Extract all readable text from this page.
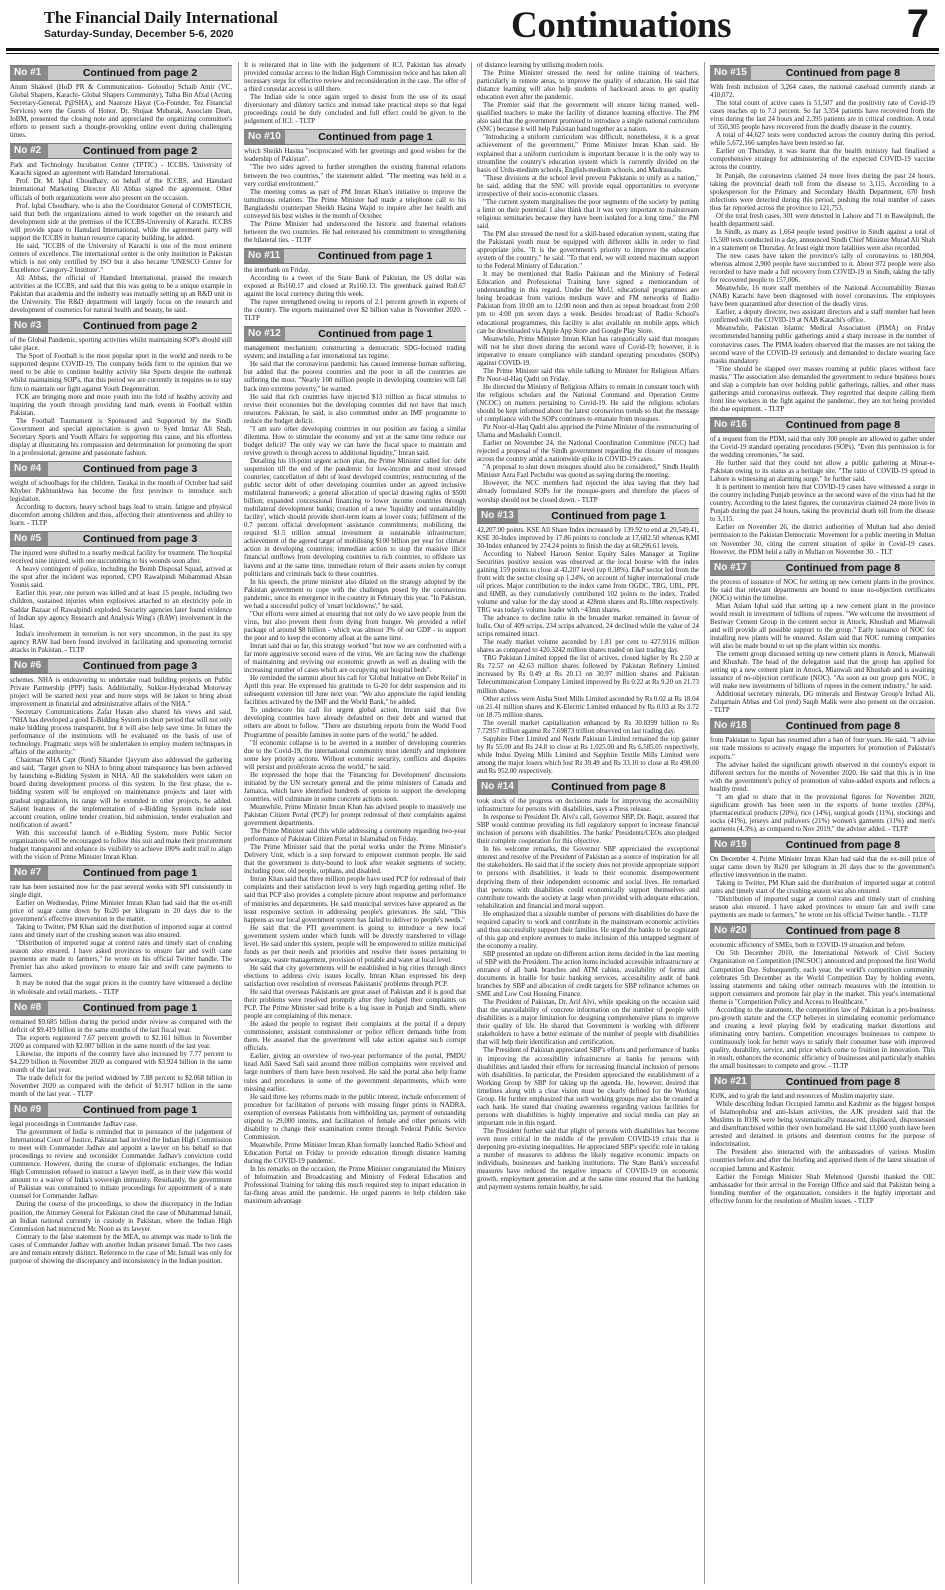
The Financial Daily International
Saturday-Sunday, December 5-6, 2020	Continuations	7
No #1	Continued from page 2

Anum Shakeel (HoD PR & Communication- Goloutlo) Schaib Amir (VC, Global Shapers, Karachi- Global Shapers Community), Talha Bin Afzal (Acting Secretary-General, P@SHA), and Nauroze Hayat (Co-Founder, Tez Financial Services) were the Guests of Honor. Dr. Shujaat Mubarak, Associate Dean, IoBM, presented the closing note and appreciated the organizing committee's efforts to present such a thought-provoking online event during challenging times.

No #2	Continued from page 2

Park and Technology Incubation Center (TPTIC) - ICCBS, University of Karachi signed an agreement with Hamdard International.

Prof. Dr. M. Iqbal Choudhary, on behalf of the ICCBS, and Hamdard International Marketing Director Ali Abbas signed the agreement. Other officials of both organizations were also present on the occasion.

Prof. Iqbal Choudhary, who is also the Coordinator General of COMSTECH, said that both the organizations aimed to work together on the research and development side at the premises of the ICCBS-University of Karachi. ICCBS will provide space to Hamdard International, while the agreement party will support the ICCBS in human resource capacity building, he added.

He said, "ICCBS of the University of Karachi is one of the most eminent centers of excellence. The international center is the only institution in Pakistan which is not only certified by ISO but it also became 'UNESCO Center for Excellence Category-2 Institute'."

Ali Abbas, the official of Hamdard International, praised the research activities at the ICCBS, and said that this was going to be a unique example in Pakistan that academia and the industry was mutually setting up an R&D unit in the University. The R&D department will largely focus on the research and development of cosmetics for natural health and beauty, he said.

No #3	Continued from page 2

of the Global Pandemic, sporting activities whilst maintaining SOP's should still take place.

The Sport of Football is the most popular sport in the world and needs to be supported despite COVID-19. The company holds firm to the opinion that we need to be able to continue healthy activity like Sports despite the outbreak whilst maintaining SOP's, that this period we are currently in requires us to stay firm to maintain our fight against Youth Degeneration.

FCK are bringing more and more youth into the fold of healthy activity and inspiring the youth through providing land mark events in Football within Pakistan.

The Football Tournament is Sponsored and Supported by the Sindh Government and special appreciation is given to Syed Imtiaz Ali Shah, Secretary Sports and Youth Affairs for supporting this cause, and his effortless display at illustrating his compassion and determination for promoting the sport in a professional, genuine and passionate fashion.

No #4	Continued from page 3

weight of schoolbags for the children. Tarakai in the month of October had said Khyber Pakhtunkhwa has become the first province to introduce such legislation.

According to doctors, heavy school bags lead to strain, fatigue and physical discomfort among children and thus, affecting their attentiveness and ability to learn. - TLTP

No #5	Continued from page 3

The injured were shifted to a nearby medical facility for treatment. The hospital received nine injured, with one succumbing to his wounds soon after.

A heavy contingent of police, including the Bomb Disposal Squad, arrived at the spot after the incident was reported, CPO Rawalpindi Muhammad Ahsan Younis said.

Earlier this year, one person was killed and at least 15 people, including two children, sustained injuries when explosives attached to an electricity pole in Saddar Bazaar of Rawalpindi exploded. Security agencies later found evidence of Indian spy agency Research and Analysis Wing's (RAW) involvement in the blast.

India's involvement in terrorism is not very uncommon, in the past its spy agency RAW had been found involved in facilitating and sponsoring terrorist attacks in Pakistan. - TLTP

No #6	Continued from page 3

schemes. NHA is endeavoring to undertake road building projects on Public Private Partnership (PPP) basis. Additionally, Sukkur-Hyderabad Motorway project will be started next year and more steps will be taken to bring about improvement in financial and administrative affairs of the NHA."

Secretary Communications Zafar Hasan also shared his views and said, "NHA has developed a good E-Bidding System in short period that will not only make bidding process transparent, but it will also help save time. In future the performance of the institutions will be evaluated on the basis of use of technology. Pragmatic steps will be undertaken to employ modern techniques in affairs of the authority."

Chairman NHA Capt (Retd) Sikander Qayyum also addressed the gathering and said, "Target given to NHA to bring about transparency has been achieved by launching e-Bidding System in NHA. All the stakeholders were taken on board during development process of this system. In the first phase, the e-bidding system will be employed on maintenance projects and later with gradual upgradation, its range will be extended to other projects, he added. Salient features of the implementation of e-Bidding System include user account creation, online tender creation, bid submission, tender evaluation and notification of award."

With this successful launch of e-Bidding System, more Public Sector organizations will be encouraged to follow this suit and make their procurement budget transparent and enhance its visibility to achieve 100% audit trail to align with the vision of Prime Minister Imran Khan.

No #7	Continued from page 1

rate has been sustained now for the past several weeks with SPI consistently in single digit.

Earlier on Wednesday, Prime Minister Imran Khan had said that the ex-mill price of sugar came down by Rs20 per kilogram in 20 days due to the government's effective intervention in the matter.

Taking to Twitter, PM Khan said the distribution of imported sugar at control rates and timely start of the crushing season was also ensured.

"Distribution of imported sugar at control rates and timely start of crushing season also ensured. I have asked provinces to ensure fair and swift cane payments are made to farmers," he wrote on his official Twitter handle. The Premier has also asked provinces to ensure fair and swift cane payments to farmers.

It may be noted that the sugar prices in the country have witnessed a decline in wholesale and retail markets. - TLTP

No #8	Continued from page 1

remained $9.685 billion during the period under review as compared with the deficit of $9.419 billion in the same months of the last fiscal year.

The exports registered 7.67 percent growth to $2.161 billion in November 2020 as compared with $2.007 billion in the same month of the last year.

Likewise, the imports of the country have also increased by 7.77 percent to $4.229 billion in November 2020 as compared with $3.924 billion in the same month of the last year.

The trade deficit for the period widened by 7.88 percent to $2.068 billion in November 2020 as compared with the deficit of $1.917 billion in the same month of the last year. - TLTP

No #9	Continued from page 1

legal proceedings in Commander Jadhav case.

The government of India is reminded that in pursuance of the judgement of International Court of Justice, Pakistan had invited the Indian High Commission to meet with Commander Jadhav and appoint a lawyer on his behalf so that proceedings to review and reconsider Commander Jadhav's conviction could commence. However, during the course of diplomatic exchanges, the Indian High Commission refused to instruct a lawyer itself, as in their view this would amount to a waiver of India's sovereign immunity. Resultantly, the government of Pakistan was constrained to initiate proceedings for appointment of a state counsel for Commander Jadhav.

During the course of the proceedings, to show the discrepancy in the Indian position, the Attorney General for Pakistan cited the case of Muhammad Ismail, an Indian national currently in custody in Pakistan, where the Indian High Commission had instructed Mr. Noon as its lawyer.

Contrary to the false statement by the MEA, no attempt was made to link the cases of Commander Jadhav with another Indian prisoner Ismail. The two cases are and remain entirely distinct. Reference to the case of Mr. Ismail was only for purpose of showing the discrepancy and inconsistency in the Indian position.

It is reiterated that in line with the judgement of ICJ, Pakistan has already provided consular access to the Indian High Commission twice and has taken all necessary steps for effective review and reconsideration in the case. The offer of a third consular access is still there.

The Indian side is once again urged to desist from the use of its usual diversionary and dilatory tactics and instead take practical steps so that legal proceedings could be duly concluded and full effect could be given to the judgement of ICJ. - TLTP

No #10	Continued from page 1

which Sheikh Hasina "reciprocated with her greetings and good wishes for the leadership of Pakistan".

"The two sides agreed to further strengthen the existing fraternal relations between the two countries," the statement added. "The meeting was held in a very cordial environment."

The meeting comes as part of PM Imran Khan's initiative to improve the tumultuous relations. The Prime Minister had made a telephone call to his Bangladeshi counterpart Sheikh Hasina Wajid to inquire after her health and conveyed his best wishes in the month of October.

The Prime Minister had underscored the historic and fraternal relations between the two countries. He had reiterated his commitment to strengthening the bilateral ties. - TLTP

No #11	Continued from page 1

the interbank on Friday.

According to a tweet of the State Bank of Pakistan, the US dollar was exposed at Rs160.17 and closed at Rs160.13. The greenback gained Rs0.67 against the local currency during this week.

The rupee strengthened owing to reports of 2.1 percent growth in exports of the country. The exports maintained over $2 billion value in November 2020. - TLTP

No #12	Continued from page 1

management mechanism; constructing a democratic SDG-focused trading system; and installing a fair international tax regime.

He said that the coronavirus pandemic has caused immense human suffering, but added that the poorest countries and the poor in all the countries are suffering the most. "Nearly 100 million people in developing countries will fall back into extreme poverty," he warned.

He said that rich countries have injected $13 trillion as fiscal stimulus to revive their economies but the developing countries did not have that much resources. Pakistan, he said, is also committed under an IMF programme to reduce the budget deficit.

"I am sure other developing countries in our position are facing a similar dilemma. How to stimulate the economy and yet at the same time reduce our budget deficit? The only way we can have the fiscal space to maintain and revive growth is through access to additional liquidity," Imran said.

Detailing his 10-point urgent action plan, the Prime Minister called for: debt suspension till the end of the pandemic for low-income and most stressed countries; cancellation of debt of least developed countries; restructuring of the public sector debt of other developing countries under an agreed inclusive multilateral framework; a general allocation of special drawing rights of $500 billion; expanded concessional financing to lower income countries through multilateral development banks; creation of a new 'liquidity and sustainability facility', which should provide short-term loans at lower costs; fulfilment of the 0.7 percent official development assistance commitments; mobilizing the required $1.5 trillion annual investment in sustainable infrastructure; achievement of the agreed target of mobilising $100 billion per year for climate action in developing countries; immediate action to stop the massive illicit financial outflows from developing countries to rich countries, to offshore tax havens and at the same time, immediate return of their assets stolen by corrupt politicians and criminals back to these countries.

In his speech, the prime minister also dilated on the strategy adopted by the Pakistan government to cope with the challenges posed by the coronavirus pandemic, since its emergence in the country in February this year. "In Pakistan, we had a successful policy of 'smart lockdowns'," he said.

"Our efforts were aimed at ensuring that not only do we save people from the virus, but also prevent them from dying from hunger. We provided a relief package of around $8 billion - which was almost 3% of our GDP - to support the poor and to keep the economy afloat at the same time.

Imran said that so far, this strategy worked "but now we are confronted with a far more aggressive second wave of the virus. We are facing now the challenge of maintaining and reviving our economic growth as well as dealing with the increasing number of cases which are occupying our hospital beds".

He reminded the summit about his call for 'Global Initiative on Debt Relief' in April this year. He expressed his gratitude to G-20 for debt suspension and its subsequent extension till June next year. "We also appreciate the rapid lending facilities activated by the IMF and the World Bank," he added.

To underscore his call for urgent global action, Imran said that five developing countries have already defaulted on their debt and warned that others are about to follow. "There are disturbing reports from the World Food Programme of possible famines in some parts of the world," he added.

"If economic collapse is to be averted in a number of developing countries due to the Covid-19, the international community must identify and implement some key priority actions. Without economic security, conflicts and disputes will persist and proliferate across the world," he said.

He expressed the hope that the 'Financing for Development' discussions initiated by the UN secretary general and the prime ministers of Canada and Jamaica, which have identified hundreds of options to support the developing countries, will culminate in some concrete actions soon.

Meanwhile, Prime Minister Imran Khan has advised people to massively use Pakistan Citizen Portal (PCP) for prompt redressal of their complaints against government departments.

The Prime Minister said this while addressing a ceremony regarding two-year performance of Pakistan Citizen Portal in Islamabad on Friday.

The Prime Minister said that the portal works under the Prime Minister's Delivery Unit, which is a step forward to empower common people. He said that the government is duty-bound to look after weaker segments of society, including poor, old people, orphans, and disabled.

Imran Khan said that three million people have used PCP for redressal of their complaints and their satisfaction level is very high regarding getting relief. He said that PCP also provides a complete picture about response and performance of ministries and departments. He said municipal services have appeared as the least responsive section in addressing people's grievances. He said, "This happens as our local government system has failed to deliver to people's needs."

He said that the PTI government is going to introduce a new local government system under which funds will be directly transferred to village level. He said under this system, people will be empowered to utilize municipal funds as per their needs and priorities and resolve their issues pertaining to sewerage, waste management, provision of potable and water at local level.

He said that city governments will be established in big cities through direct elections to address civic issues locally. Imran Khan expressed his deep satisfaction over resolution of overseas Pakistanis' problems through PCP.

He said that overseas Pakistanis are great asset of Pakistan and it is good that their problems were resolved promptly after they lodged their complaints on PCP. The Prime Minister said bribe is a big issue in Punjab and Sindh, where people are complaining of this menace.

He asked the people to register their complaints at the portal if a deputy commissioner, assistant commissioner or police officer demands bribe from them. He assured that the government will take action against such corrupt officials.

Earlier, giving an overview of two-year performance of the portal, PMDU head Adil Saeed Safi said around three million complaints were received and large numbers of them have been resolved. He said the portal also help frame rules and procedures in some of the government departments, which were missing earlier.

He said three key reforms made in the public interest, include enforcement of procedure for facilitation of persons with missing finger prints in NADRA, exemption of overseas Pakistanis from withholding tax, payment of outstanding stipend to 29,000 interns, and facilitation of female and other persons with disability to change their examination centre through Federal Public Service Commission.

Meanwhile, Prime Minister Imran Khan formally launched Radio School and Education Portal on Friday to provide education through distance learning during the COVID-19 pandemic.

In his remarks on the occasion, the Prime Minister congratulated the Ministry of Information and Broadcasting and Ministry of Federal Education and Professional Training for taking this much required step to impart education in far-flung areas amid the pandemic. He urged parents to help children take maximum advantage

of distance learning by utilising modern tools.

The Prime Minister stressed the need for online training of teachers, particularly in remote areas, to improve the quality of education. He said that distance learning will also help students of backward areas to get quality education even after the pandemic.

The Premier said that the government will ensure hiring trained, well-qualified teachers to make the facility of distance learning effective. The PM also said that the government promised to introduce a single national curriculum (SNC) because it will help Pakistan band together as a nation.

"Introducing a uniform curriculum was difficult, nonetheless, it is a great achievement of the government," Prime Minister Imran Khan said. He explained that a uniform curriculum is important because it is the only way to streamline the country's education system which is currently divided on the basis of Urdu-medium schools, English-medium schools, and Madrassahs.

"These divisions at the school level prevent Pakistanis to unify as a nation," he said, adding that the SNC will provide equal opportunities to everyone irrespective of their socio-economic classes.

"The current system marginalises the poor segments of the society by putting a limit on their potential. I also think that it was very important to mainstream religious seminaries because they have been isolated for a long time," the PM said.

The PM also stressed the need for a skill-based education system, stating that the Pakistani youth must be equipped with different skills in order to find appropriate jobs. "It is the government's priority to improve the education system of the country," he said. "To that end, we will extend maximum support to the Federal Ministry of Education."

It may be mentioned that Radio Pakistan and the Ministry of Federal Education and Professional Training have signed a memorandum of understanding in this regard. Under the MoU, educational programmes are being broadcast from various medium wave and FM networks of Radio Pakistan from 10:00 am to 12:00 noon and then as repeat broadcast from 2:00 pm to 4:00 pm seven days a week. Besides broadcast of Radio School's educational programmes, this facility is also available on mobile apps, which can be downloaded via Apple App Store and Google Play Store.

Meanwhile, Prime Minister Imran Khan has categorically said that mosques will not be shut down during the second wave of Covid-19; however, it is imperative to ensure compliance with standard operating procedures (SOPs) against COVID-19.

The Prime Minister said this while talking to Minister for Religious Affairs Pir Noor-ul-Haq Qadri on Friday.

He directed the Ministry of Religious Affairs to remain in constant touch with the religious scholars and the National Command and Operation Centre (NCOC) on matters pertaining to Covid-19. He said the religious scholars should be kept informed about the latest coronavirus trends so that the message of compliance with the SOPs continues to emanate from mosques.

Pir Noor-ul-Haq Qadri also apprised the Prime Minister of the restructuring of Ulama and Mashaikh Council.

Earlier on November 24, the National Coordination Committee (NCC) had rejected a proposal of the Sindh government regarding the closure of mosques across the country amid a nationwide spike in COVID-19 cases.

"A proposal to shut down mosques should also be considered," Sindh Health Minister Azra Fazl Pechuhu was quoted as saying during the meeting.

However, the NCC members had rejected the idea saying that they had already formulated SOPs for the mosque-goers and therefore the places of worship should not be closed down. - TLTP

No #13	Continued from page 1

42,207.00 points. KSE All Share Index increased by 139.92 to end at 29,549.41, KSE 30-Index improved by 17.86 points to conclude at 17,682.50 whereas KMI 30-Index enhanced by 274.24 points to finish the day at 68,296.61 levels.

According to Nabeel Haroon Senior Equity Sales Manager at Topline Securities positive session was observed at the local bourse with the index gaining 159 points to close at 42,207 level (up 0.38%). E&P sector led from the front with the sector closing up 1.24%, on account of higher international crude oil prices. Major contribution to the index came from OGDC, TRG, UBL, PPL and HMB, as they cumulatively contributed 102 points to the index. Traded volume and value for the day stood at 428mn shares and Rs.18bn respectively. TRG was today's volume leader with ~43mn shares.

The advance to decline ratio in the broader market remained in favour of bulls. Out of 409 scrips, 234 scrips advanced, 24 declined while the value of 24 scrips remained intact.

The ready market volume ascended by 1.81 per cent to 427.9116 million shares as compared to 420.3242 million shares traded on last trading day.

TRG Pakistan Limited topped the list of actives, closed higher by Rs 2.50 at Rs 72.57 on 42.63 million shares followed by Pakistan Refinery Limited increased by Rs 0.49 at Rs 20.13 on 30.97 million shares and Pakistan Telecommunication Company Limited improved by Rs 0.22 at Rs 9.20 on 21.73 million shares.

Other actives were Aisha Steel Mills Limited ascended by Rs 0.02 at Rs 18.04 on 21.41 million shares and K-Electric Limited enhanced by Rs 0.03 at Rs 3.72 on 18.75 million shares.

The overall market capitalization enhanced by Rs 30.8399 billion to Rs 7.72957 trillion against Rs 7.69873 trillion observed on last trading day.

Sapphire Fiber Limited and Nestle Pakistan Limited remained the top gainer by Rs 55.00 and Rs 24.8 to close at Rs 1,025.00 and Rs 6,585.05 respectively, while Indus Dyeing Mills Limited and Sapphire Textile Mills Limited were among the major losers which lost Rs 39.49 and Rs 33.10 to close at Rs 498.00 and Rs 952.00 respectively.

No #14	Continued from page 8

took stock of the progress on decisions made for improving the accessibility infrastructure for persons with disabilities, says a Press release.

In response to President Dr. Alvi's call, Governor SBP, Dr. Baqir, assured that SBP would continue providing its full regulatory support to increase financial inclusion of persons with disabilities. The banks' Presidents/CEOs also pledged their complete cooperation for this objective.

In his welcome remarks, the Governor SBP appreciated the exceptional interest and resolve of the President of Pakistan as a source of inspiration for all the stakeholders. He said that if the society does not provide appropriate support to persons with disabilities, it leads to their economic disempowerment depriving them of their independent economic and social lives. He remarked that persons with disabilities could economically support themselves and contribute towards the society at large when provided with adequate education, rehabilitation and financial and moral support.

He emphasized that a sizeable number of persons with disabilities do have the required capacity to work and contribute in the mainstream economic activities and thus successfully support their families. He urged the banks to be cognizant of this gap and explore avenues to make inclusion of this untapped segment of the economy a reality.

SBP presented an update on different action items decided in the last meeting of SBP with the President. The action items included accessible infrastructure at entrance of all bank branches and ATM cabins, availability of forms and documents in braille for basic banking services, accessibility audit of bank branches by SBP and allocation of credit targets for SBP refinance schemes on SME and Low Cost Housing Finance.

The President of Pakistan, Dr. Arif Alvi, while speaking on the occasion said that the unavailability of concrete information on the number of people with disabilities is a major limitation for designing comprehensive plans to improve their quality of life. He shared that Government is working with different stakeholders to have a better estimate of the number of people with disabilities that will help their identification and certification.

The President of Pakistan appreciated SBP's efforts and performance of banks in improving the accessibility infrastructure at banks for persons with disabilities and lauded their efforts for increasing financial inclusion of persons with disabilities. In particular, the President appreciated the establishment of a Working Group by SBP for taking up the agenda. He, however, desired that timelines along with a clear vision must be clearly defined for the Working Group. He further emphasized that such working groups may also be created at each bank. He stated that creating awareness regarding various facilities for persons with disabilities is highly imperative and social media can play an important role in this regard.

The President further said that plight of persons with disabilities has become even more critical in the middle of the prevalent COVID-19 crisis that is deepening pre-existing inequalities. He appreciated SBP's specific role in taking a number of measures to address the likely negative economic impacts on individuals, businesses and banking institutions. The State Bank's successful measures have reduced the negative impacts of COVID-19 on economic growth, employment generation and at the same time ensured that the banking and payment systems remain healthy, he said.

No #15	Continued from page 8

With fresh inclusion of 3,264 cases, the national caseload currently stands at 410,072.

The total count of active cases is 51,507 and the positivity rate of Covid-19 cases reaches up to 7.3 percent. So far 3,354 patients have recovered from the virus during the last 24 hours and 2,395 patients are in critical condition. A total of 350,305 people have recovered from the deadly disease in the country.

A total of 44,627 tests were conducted across the country during this period, while 5,672,166 samples have been tested so far.

Earlier on Thursday, it was learnt that the health ministry had finalised a comprehensive strategy for administering of the expected COVID-19 vaccine across the country.

In Punjab, the coronavirus claimed 24 more lives during the past 24 hours, taking the provincial death toll from the disease to 3,115. According to a spokesperson for the Primary and Secondary Health Department, 670 fresh infections were detected during this period, pushing the total number of cases thus far reported across the province to 121,753.

Of the total fresh cases, 301 were detected in Lahore and 71 in Rawalpindi, the health department said.

In Sindh, as many as 1,664 people tested positive in Sindh against a total of 15,500 tests conducted in a day, announced Sindh Chief Minister Murad Ali Shah in a statement on Thursday. At least eight more fatalities were also recorded.

The new cases have taken the province's tally of coronavirus to 180,904, whereas almost 2,900 people have succumbed to it. About 972 people were also recorded to have made a full recovery from COVID-19 in Sindh, taking the tally for recovered people to 157,006.

Meanwhile, 16 more staff members of the National Accountability Bureau (NAB) Karachi have been diagnosed with novel coronavirus. The employees have been quarantined after detection of the deadly virus.

Earlier, a deputy director, two assistant directors and a staff member had been confirmed with the COVID-19 at NAB Karachi's office.

Meanwhile, Pakistan Islamic Medical Association (PIMA) on Friday recommended banning public gatherings amid a sharp increase in the number of coronavirus cases. The PIMA leaders observed that the masses are not taking the second wave of the COVID-19 seriously and demanded to declare wearing face masks mandatory.

"Fine should be slapped over masses roaming at public places without face masks," The association also demanded the government to reduce business hours and slap a complete ban over holding public gatherings, rallies, and other mass gatherings amid coronavirus outbreak. They regretted that despite calling them front line workers in the fight against the pandemic, they are not being provided the due equipment. - TLTP

No #16	Continued from page 8

of a request from the PDM, said that only 300 people are allowed to gather under the Covid-19 standard operating procedures (SOPs). "Even this permission is for the wedding ceremonies," he said.

He further said that they could not allow a public gathering at Minar-e-Pakistan owing to its status as a heritage site. "The ratio of COVID-19 spread in Lahore is witnessing an alarming surge," he further said.

It is pertinent to mention here that COVID-19 cases have witnessed a surge in the country including Punjab province as the second wave of the virus had hit the country. According to the latest figures, the coronavirus claimed 24 more lives in Punjab during the past 24 hours, taking the provincial death toll from the disease to 3,115.

Earlier on November 26, the district authorities of Multan had also denied permission to the Pakistan Democratic Movement for a public meeting in Multan on November 30, citing the current situation of spike in Covid-19 cases. However, the PDM held a rally in Multan on November 30. - TLT

No #17	Continued from page 8

the process of issuance of NOC for setting up new cement plants in the province. He said that relevant departments are bound to issue no-objection certificates (NOCs) within the timeline.

Mian Aslam Iqbal said that setting up a new cement plant in the province would result in investment of billions of rupees. "We welcome the investment of Bestway Cement Group in the cement sector in Attock, Khushab and Mianwali and will provide all possible support to the group." Early issuance of NOC for installing new plants will be ensured. Aslam said that NOC running companies will also be made bound to set up the plant within six months.

The cement group discussed setting up new cement plants in Attock, Mianwali and Khushab. The head of the delegation said that the group has applied for setting up a new cement plant in Attock, Mianwali and Khushab and is awaiting issuance of no-objection certificate (NOC). "As soon as our group gets NOC, it will make new investments of billions of rupees in the cement industry," he said.

Additional secretary minerals, DG minerals and Bestway Group's Irshad Ali, Zulqarnain Abbas and Col (retd) Saqib Malik were also present on the occasion. - TLTP

No #18	Continued from page 8

from Pakistan to Japan has resumed after a ban of four years. He said, "I advise our trade missions to actively engage the importers for promotion of Pakistan's exports."

The adviser hailed the significant growth observed in the country's export in different sectors for the months of November 2020. He said that this is in line with the government's policy of promotion of value-added exports and reflects a healthy trend.

"I am glad to share that in the provisional figures for November 2020, significant growth has been seen in the exports of home textiles (20%), pharmaceutical products (20%), rice (14%), surgical goods (11%), stockings and socks (41%), jerseys and pullovers (21%) women's garments (11%) and men's garments (4.3%), as compared to Nov 2019," the adviser added. - TLTP

No #19	Continued from page 8

On December 4, Prime Minister Imran Khan had said that the ex-mill price of sugar came down by Rs20 per kilogram in 20 days due to the government's effective intervention in the matter.

Taking to Twitter, PM Khan said the distribution of imported sugar at control rates and timely start of the crushing season was also ensured.

"Distribution of imported sugar at control rates and timely start of crushing season also ensured. I have asked provinces to ensure fair and swift cane payments are made to farmers," he wrote on his official Twitter handle. - TLTP

No #20	Continued from page 8

economic efficiency of SMEs, both in COVID-19 situation and before.

On 5th December 2010, the International Network of Civil Society Organization on Competition (INCSOC) announced and proposed the first World Competition Day. Subsequently, each year, the world's competition community celebrates 5th December as the World Competition Day by holding events, issuing statements and taking other outreach measures with the intention to support consumers and promote fair play in the market. This year's international theme is "Competition Policy and Access to Healthcare."

According to the statement, the competition law of Pakistan is a pro-business, pro-growth statute and the CCP believes in stimulating economic performance and creating a level playing field by eradicating market distortions and eliminating entry barriers. Competition encourages businesses to compete to continuously look for better ways to satisfy their consumer base with improved quality, durability, service, and price which come to fruition in innovation. This in result, enhances the economic efficiency of businesses and particularly enables the small businesses to compete and grow. - TLTP

No #21	Continued from page 8

IOJK, and to grab the land and resources of Muslim majority state.

While describing Indian Occupied Jammu and Kashmir as the biggest hotspot of Islamophobia and anti-Islam activities, the AJK president said that the Muslims in IOJK were being systematically massacred, displaced, dispossessed and disenfranchised within their own homeland. He said 13,000 youth have been arrested and detained in prisons and detention centres for the purpose of indoctrination.

The President also interacted with the ambassadors of various Muslim countries before and after the briefing and apprised them of the latest situation of occupied Jammu and Kashmir.

Earlier the Foreign Minister Shah Mehmood Qureshi thanked the OIC ambassador for their arrival in the Foreign Office and said that Pakistan being a founding member of the organization, considers it the highly important and effective forum for the resolution of Muslim issues. - TLTP
